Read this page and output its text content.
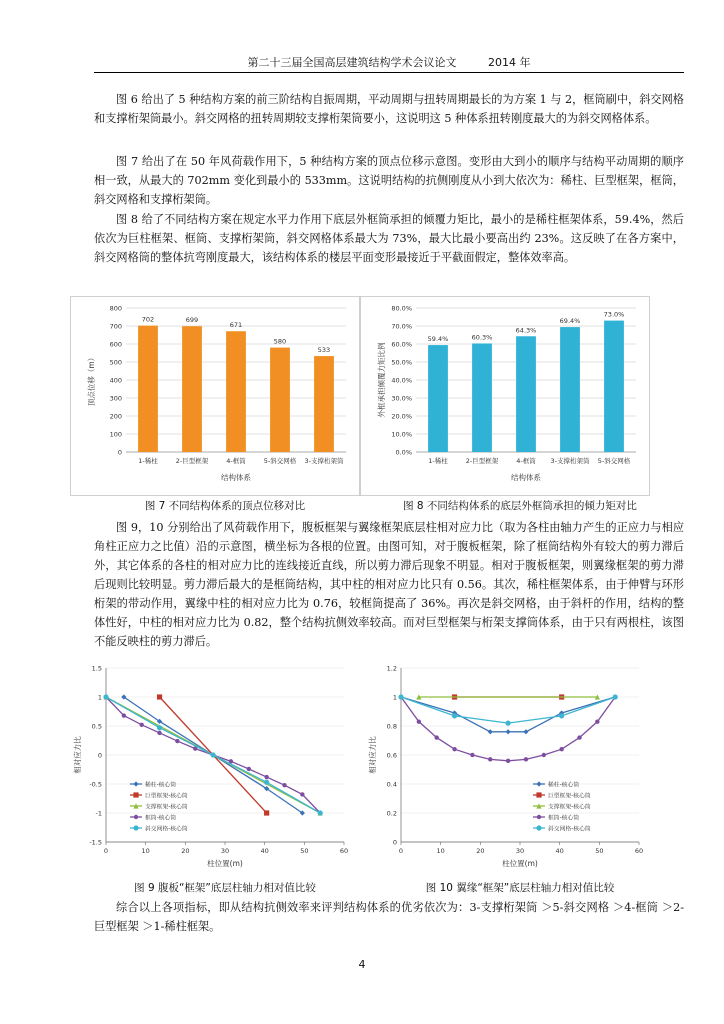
第二十三届全国高层建筑结构学术会议论文	2014 年

图 6 给出了 5 种结构方案的前三阶结构自振周期，平动周期与扭转周期最长的为方案 1 与 2，框筒刷中，斜交网格和支撑桁架筒最小。斜交网格的扭转周期较支撑桁架筒要小，这说明这 5 种体系扭转刚度最大的为斜交网格体系。

图 7 给出了在 50 年风荷载作用下，5 种结构方案的顶点位移示意图。变形由大到小的顺序与结构平动周期的顺序相一致，从最大的 702mm 变化到最小的 533mm。这说明结构的抗侧刚度从小到大依次为：稀柱、巨型框架，框筒，斜交网格和支撑桁架筒。

图 8 给了不同结构方案在规定水平力作用下底层外框筒承担的倾覆力矩比，最小的是稀柱框架体系，59.4%，然后依次为巨柱框架、框筒、支撑桁架筒，斜交网格体系最大为 73%，最大比最小要高出约 23%。这反映了在各方案中，斜交网格筒的整体抗弯刚度最大，该结构体系的楼层平面变形最接近于平截面假定，整体效率高。

0
100
200
300
400
500
600
700
800
702
1-稀柱
699
2-巨型框架
671
4-框筒
580
5-斜交网格
533
3-支撑桁架筒
结构体系
顶点位移（m）
0.0%
10.0%
20.0%
30.0%
40.0%
50.0%
60.0%
70.0%
80.0%
59.4%
1-稀柱
60.3%
2-巨型框架
64.3%
4-框筒
69.4%
3-支撑桁架筒
73.0%
5-斜交网格
结构体系
外框承担倾覆力矩比例
图 7 不同结构体系的顶点位移对比	图 8 不同结构体系的底层外框筒承担的倾力矩对比

图 9，10 分别给出了风荷载作用下，腹板框架与翼缘框架底层柱相对应力比（取为各柱由轴力产生的正应力与相应角柱正应力之比值）沿的示意图，横坐标为各根的位置。由图可知，对于腹板框架，除了框筒结构外有较大的剪力滞后外，其它体系的各柱的相对应力比的连线接近直线，所以剪力滞后现象不明显。相对于腹板框架，则翼缘框架的剪力滞后现则比较明显。剪力滞后最大的是框筒结构，其中柱的相对应力比只有 0.56。其次，稀柱框架体系，由于伸臂与环形桁架的带动作用，翼缘中柱的相对应力比为 0.76，较框筒提高了 36%。再次是斜交网格，由于斜杆的作用，结构的整体性好，中柱的相对应力比为 0.82，整个结构抗侧效率较高。而对巨型框架与桁架支撑筒体系，由于只有两根柱，该图不能反映柱的剪力滞后。

-1.5
-1
-0.5
0
0.5
1
1.5
0	10	20	30	40	50	60
稀柱-核心筒
巨型框架-核心筒
支撑框架-核心筒
框筒-核心筒
斜交网格-核心筒
柱位置(m)
相对应力比
0
0.2
0.4
0.6
0.8
1
1.2
0	10	20	30	40	50	60
稀柱-核心筒
巨型框架-核心筒
支撑框架-核心筒
框筒-核心筒
斜交网格-核心筒
柱位置(m)
相对应力比
图 9 腹板“框架”底层柱轴力相对值比较	图 10 翼缘“框架”底层柱轴力相对值比较

综合以上各项指标，即从结构抗侧效率来评判结构体系的优劣依次为：3-支撑桁架筒 ＞5-斜交网格 ＞4-框筒 ＞2-巨型框架 ＞1-稀柱框架。

4
